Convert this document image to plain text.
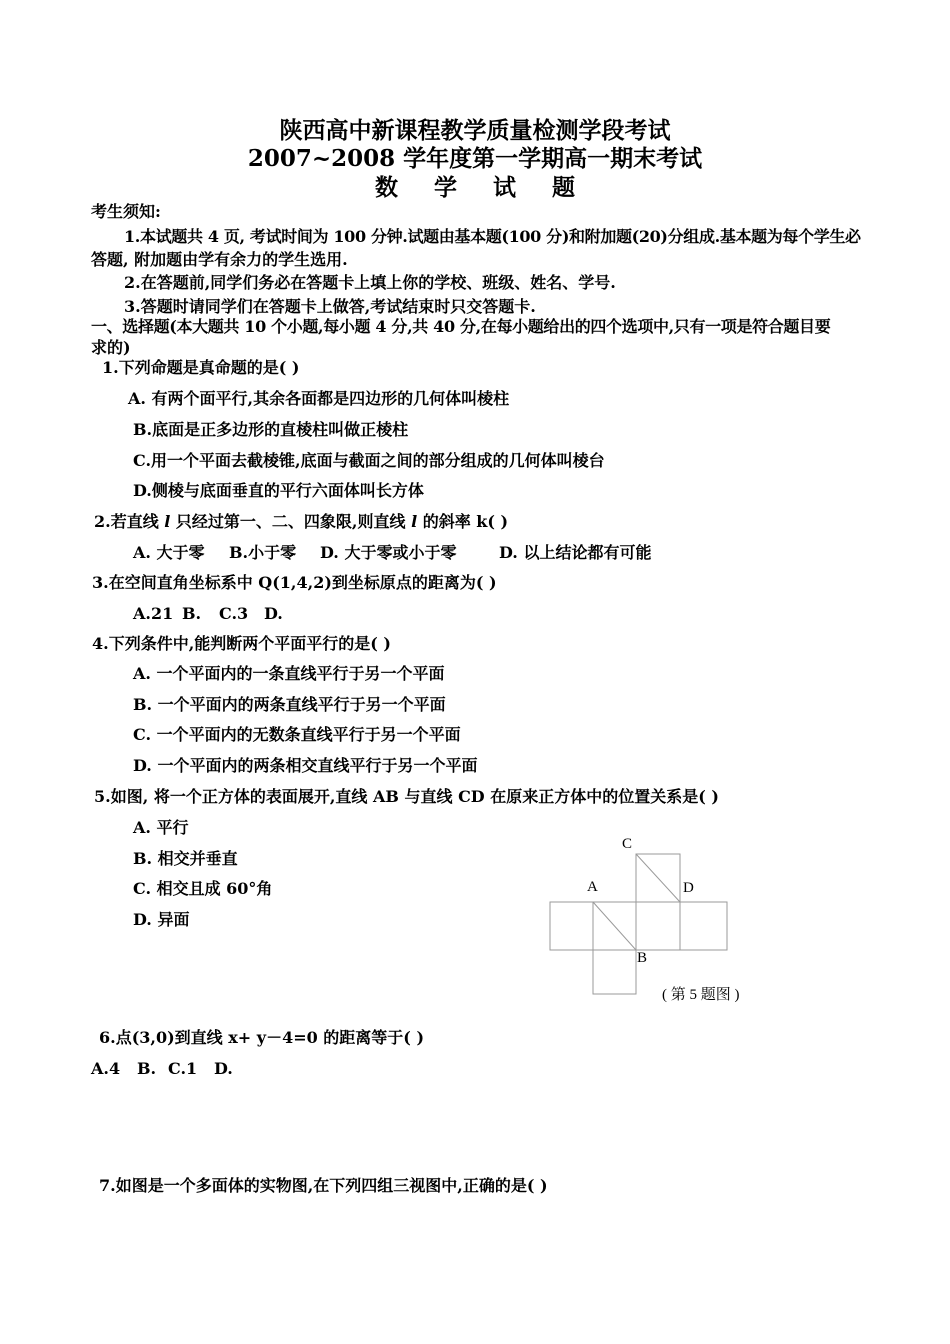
陕西高中新课程教学质量检测学段考试
2007~2008 学年度第一学期高一期末考试
数 学 试 题
考生须知:
1.本试题共 4 页, 考试时间为 100 分钟.试题由基本题(100 分)和附加题(20)分组成.基本题为每个学生必
答题, 附加题由学有余力的学生选用.
2.在答题前,同学们务必在答题卡上填上你的学校、班级、姓名、学号.
3.答题时请同学们在答题卡上做答,考试结束时只交答题卡.
一、选择题(本大题共 10 个小题,每小题 4 分,共 40 分,在每小题给出的四个选项中,只有一项是符合题目要
求的)
1.下列命题是真命题的是( )
A. 有两个面平行,其余各面都是四边形的几何体叫棱柱
B.底面是正多边形的直棱柱叫做正棱柱
C.用一个平面去截棱锥,底面与截面之间的部分组成的几何体叫棱台
D.侧棱与底面垂直的平行六面体叫长方体
2.若直线 l 只经过第一、二、四象限,则直线 l 的斜率 k( )
A. 大于零 B.小于零 D. 大于零或小于零	D. 以上结论都有可能
3.在空间直角坐标系中 Q(1,4,2)到坐标原点的距离为( )
A.21 B. C.3 D.
4.下列条件中,能判断两个平面平行的是( )
A. 一个平面内的一条直线平行于另一个平面
B. 一个平面内的两条直线平行于另一个平面
C. 一个平面内的无数条直线平行于另一个平面
D. 一个平面内的两条相交直线平行于另一个平面
5.如图, 将一个正方体的表面展开,直线 AB 与直线 CD 在原来正方体中的位置关系是( )
A. 平行
B. 相交并垂直
C. 相交且成 60°角
D. 异面
C
A	D
B
( 第 5 题图 )
6.点(3,0)到直线 x+ y－4=0 的距离等于( )
A.4 B. C.1 D.
7.如图是一个多面体的实物图,在下列四组三视图中,正确的是( )
